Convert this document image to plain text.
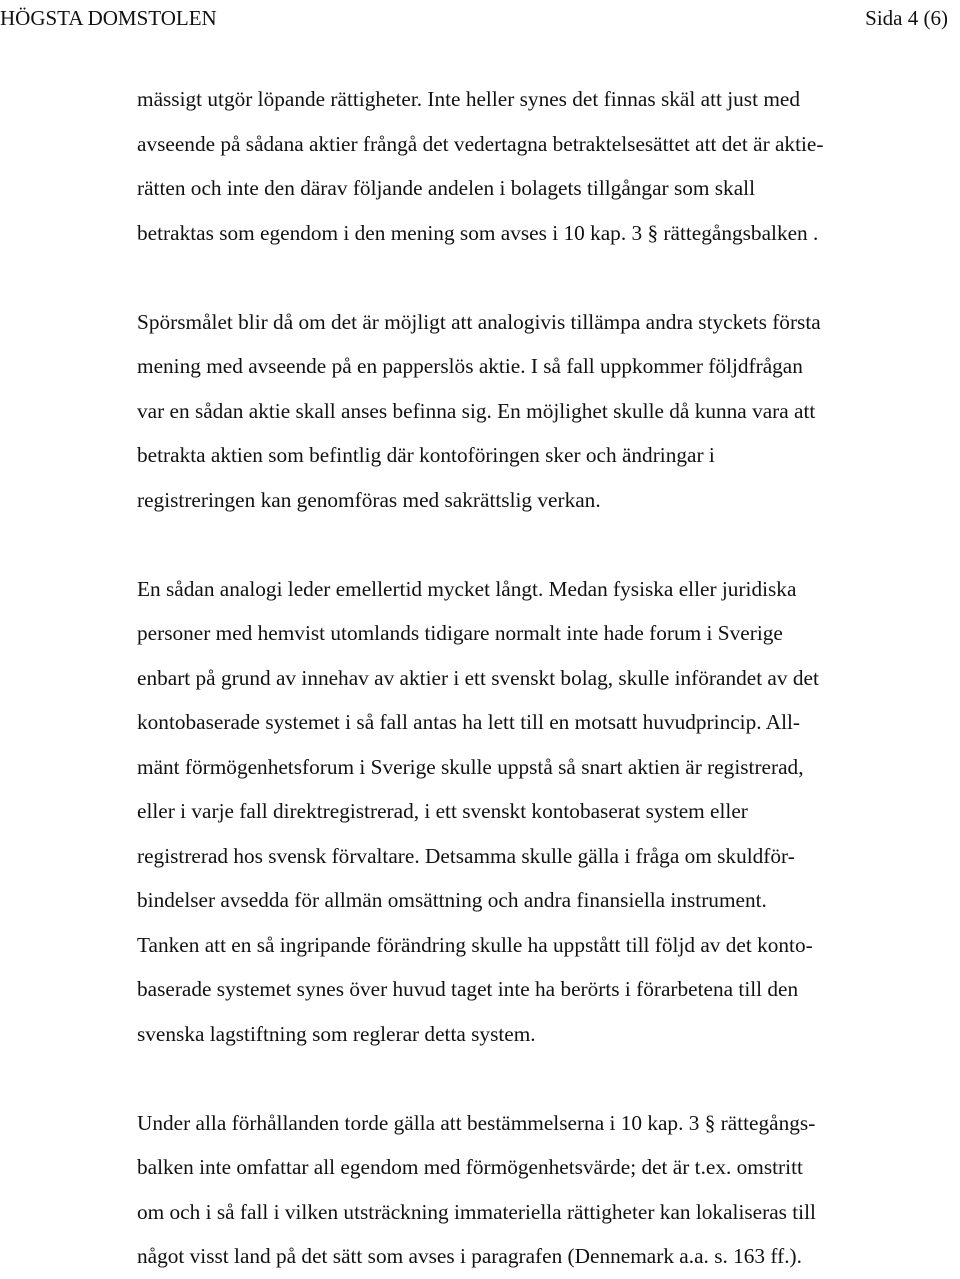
HÖGSTA DOMSTOLEN	Sida 4 (6)
mässigt utgör löpande rättigheter. Inte heller synes det finnas skäl att just med
avseende på sådana aktier frångå det vedertagna betraktelsesättet att det är aktie-
rätten och inte den därav följande andelen i bolagets tillgångar som skall
betraktas som egendom i den mening som avses i 10 kap. 3 § rättegångsbalken .
Spörsmålet blir då om det är möjligt att analogivis tillämpa andra styckets första
mening med avseende på en papperslös aktie. I så fall uppkommer följdfrågan
var en sådan aktie skall anses befinna sig. En möjlighet skulle då kunna vara att
betrakta aktien som befintlig där kontoföringen sker och ändringar i
registreringen kan genomföras med sakrättslig verkan.
En sådan analogi leder emellertid mycket långt. Medan fysiska eller juridiska
personer med hemvist utomlands tidigare normalt inte hade forum i Sverige
enbart på grund av innehav av aktier i ett svenskt bolag, skulle införandet av det
kontobaserade systemet i så fall antas ha lett till en motsatt huvudprincip. All-
mänt förmögenhetsforum i Sverige skulle uppstå så snart aktien är registrerad,
eller i varje fall direktregistrerad, i ett svenskt kontobaserat system eller
registrerad hos svensk förvaltare. Detsamma skulle gälla i fråga om skuldför-
bindelser avsedda för allmän omsättning och andra finansiella instrument.
Tanken att en så ingripande förändring skulle ha uppstått till följd av det konto-
baserade systemet synes över huvud taget inte ha berörts i förarbetena till den
svenska lagstiftning som reglerar detta system.
Under alla förhållanden torde gälla att bestämmelserna i 10 kap. 3 § rättegångs-
balken inte omfattar all egendom med förmögenhetsvärde; det är t.ex. omstritt
om och i så fall i vilken utsträckning immateriella rättigheter kan lokaliseras till
något visst land på det sätt som avses i paragrafen (Dennemark a.a. s. 163 ff.).
